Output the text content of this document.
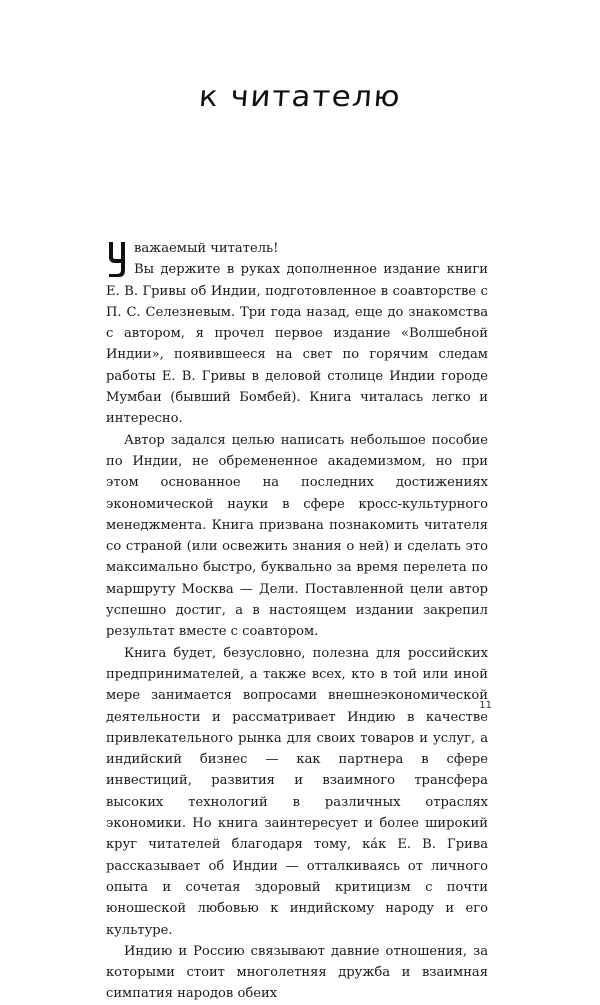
к читателю

важаемый читатель!
Вы держите в руках дополненное издание книги Е. В. Гривы об Индии, подготовленное в соавторстве с П. С. Селезневым. Три года назад, еще до знакомства с автором, я прочел первое издание «Волшебной Индии», появившееся на свет по горячим следам работы Е. В. Гривы в деловой столице Индии городе Мумбаи (бывший Бомбей). Книга читалась легко и интересно.

Автор задался целью написать небольшое пособие по Индии, не обремененное академизмом, но при этом основанное на последних достижениях экономической науки в сфере кросс-культурного менеджмента. Книга призвана познакомить читателя со страной (или освежить знания о ней) и сделать это максимально быстро, буквально за время перелета по маршруту Москва — Дели. Поставленной цели автор успешно достиг, а в настоящем издании закрепил результат вместе с соавтором.

Книга будет, безусловно, полезна для российских предпринимателей, а также всех, кто в той или иной мере занимается вопросами внешнеэкономической деятельности и рассматривает Индию в качестве привлекательного рынка для своих товаров и услуг, а индийский бизнес — как партнера в сфере инвестиций, развития и взаимного трансфера высоких технологий в различных отраслях экономики. Но книга заинтересует и более широкий круг читателей благодаря тому, ка́к Е. В. Грива рассказывает об Индии — отталкиваясь от личного опыта и сочетая здоровый критицизм с почти юношеской любовью к индийскому народу и его культуре.

Индию и Россию связывают давние отношения, за которыми стоит многолетняя дружба и взаимная симпатия народов обеих

11
